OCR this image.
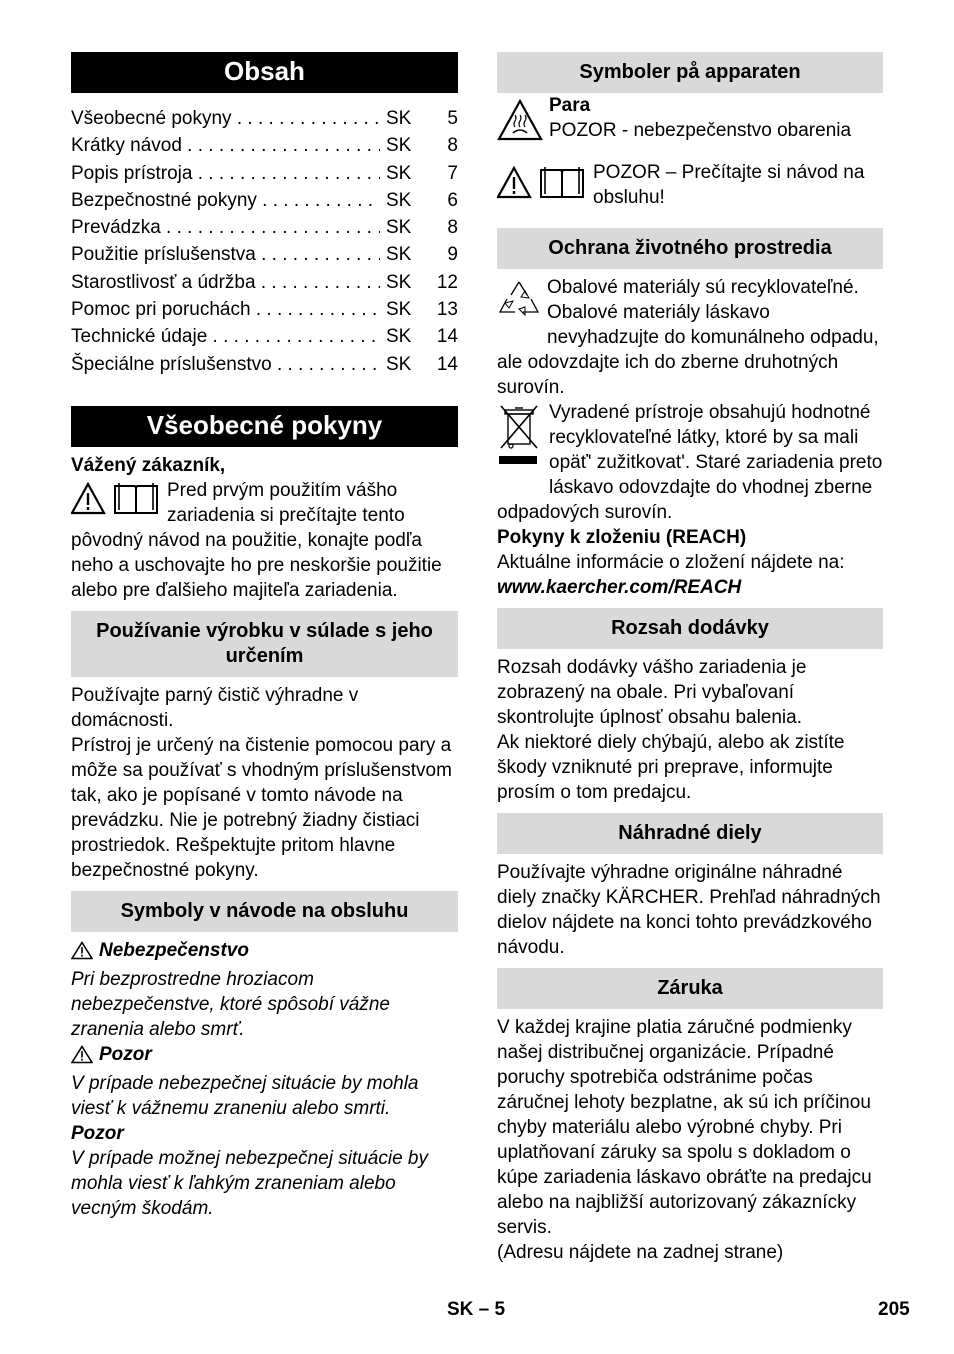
Obsah
Všeobecné pokyny . . .	SK	5
Krátky návod . . .	SK	8
Popis prístroja . . .	SK	7
Bezpečnostné pokyny . . .	SK	6
Prevádzka . . .	SK	8
Použitie príslušenstva . . .	SK	9
Starostlivosť a údržba . . .	SK	12
Pomoc pri poruchách . . .	SK	13
Technické údaje . . .	SK	14
Špeciálne príslušenstvo . . .	SK	14
Všeobecné pokyny

Vážený zákazník,

Pred prvým použitím vášho zariadenia si prečítajte tento pôvodný návod na použitie, konajte podľa neho a uschovajte ho pre neskoršie použitie alebo pre ďalšieho majiteľa zariadenia.

Používanie výrobku v súlade s jeho určením

Používajte parný čistič výhradne v domácnosti.

Prístroj je určený na čistenie pomocou pary a môže sa používať s vhodným príslušenstvom tak, ako je popísané v tomto návode na prevádzku. Nie je potrebný žiadny čistiaci prostriedok. Rešpektujte pritom hlavne bezpečnostné pokyny.

Symboly v návode na obsluhu

Nebezpečenstvo

Pri bezprostredne hroziacom nebezpečenstve, ktoré spôsobí vážne zranenia alebo smrť.

Pozor

V prípade nebezpečnej situácie by mohla viesť k vážnemu zraneniu alebo smrti.

Pozor

V prípade možnej nebezpečnej situácie by mohla viesť k ľahkým zraneniam alebo vecným škodám.

Symboler på apparaten

Para

POZOR - nebezpečenstvo obarenia

POZOR – Prečítajte si návod na obsluhu!

Ochrana životného prostredia

Obalové materiály sú recyklovateľné. Obalové materiály láskavo nevyhadzujte do komunálneho odpadu, ale odovzdajte ich do zberne druhotných surovín.

Vyradené prístroje obsahujú hodnotné recyklovateľné látky, ktoré by sa mali opäť' zužitkovat'. Staré zariadenia preto láskavo odovzdajte do vhodnej zberne odpadových surovín.

Pokyny k zloženiu (REACH)

Aktuálne informácie o zložení nájdete na:

www.kaercher.com/REACH

Rozsah dodávky

Rozsah dodávky vášho zariadenia je zobrazený na obale. Pri vybaľovaní skontrolujte úplnosť obsahu balenia.

Ak niektoré diely chýbajú, alebo ak zistíte škody vzniknuté pri preprave, informujte prosím o tom predajcu.

Náhradné diely

Používajte výhradne originálne náhradné diely značky KÄRCHER. Prehľad náhradných dielov nájdete na konci tohto prevádzkového návodu.

Záruka

V každej krajine platia záručné podmienky našej distribučnej organizácie. Prípadné poruchy spotrebiča odstránime počas záručnej lehoty bezplatne, ak sú ich príčinou chyby materiálu alebo výrobné chyby. Pri uplatňovaní záruky sa spolu s dokladom o kúpe zariadenia láskavo obráťte na predajcu alebo na najbližší autorizovaný zákaznícky servis.

(Adresu nájdete na zadnej strane)

SK – 5	205
